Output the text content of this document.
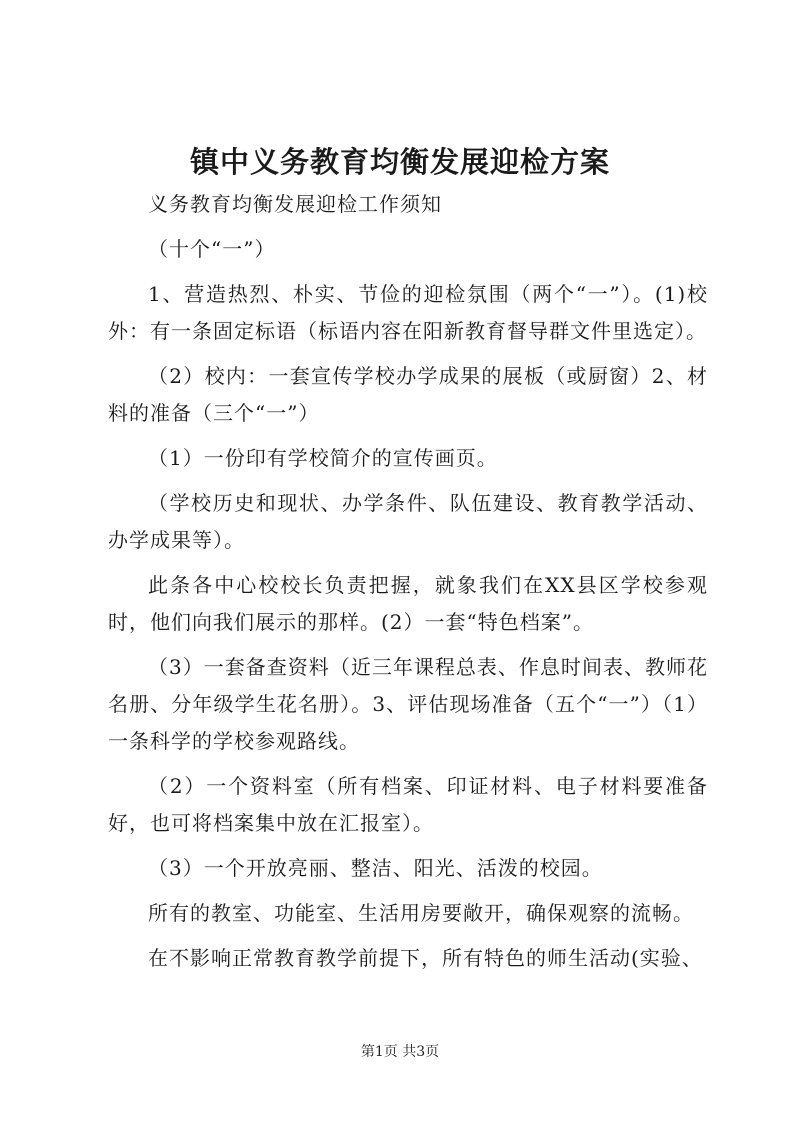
镇中义务教育均衡发展迎检方案

义务教育均衡发展迎检工作须知

（十个“一”）

1、营造热烈、朴实、节俭的迎检氛围（两个“一”）。(1)校外：有一条固定标语（标语内容在阳新教育督导群文件里选定）。

（2）校内：一套宣传学校办学成果的展板（或厨窗）2、材料的准备（三个“一”）

（1）一份印有学校简介的宣传画页。

（学校历史和现状、办学条件、队伍建设、教育教学活动、办学成果等）。

此条各中心校校长负责把握，就象我们在XX县区学校参观时，他们向我们展示的那样。(2）一套“特色档案”。

（3）一套备查资料（近三年课程总表、作息时间表、教师花名册、分年级学生花名册）。3、评估现场准备（五个“一”）（1）一条科学的学校参观路线。

（2）一个资料室（所有档案、印证材料、电子材料要准备好，也可将档案集中放在汇报室）。

（3）一个开放亮丽、整洁、阳光、活泼的校园。

所有的教室、功能室、生活用房要敞开，确保观察的流畅。

在不影响正常教育教学前提下，所有特色的师生活动(实验、

第1页 共3页
